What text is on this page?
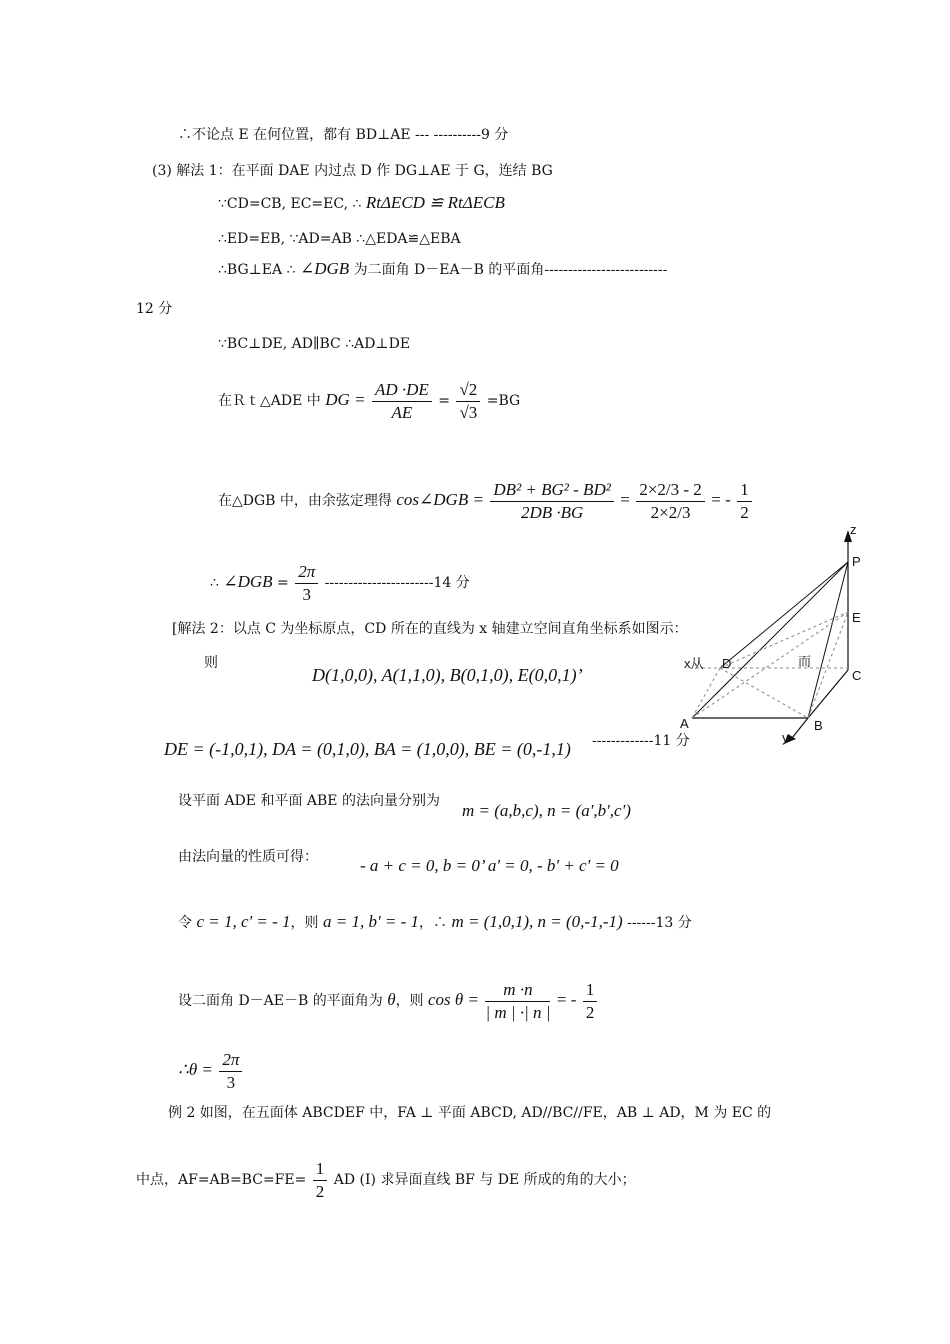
∴不论点 E 在何位置，都有 BD⊥AE --- ----------9 分
(3) 解法 1：在平面 DAE 内过点 D 作 DG⊥AE 于 G，连结 BG
∵CD=CB, EC=EC, ∴ RtΔECD ≌ RtΔECB
∴ED=EB, ∵AD=AB ∴△EDA≌△EBA
∴BG⊥EA ∴ ∠DGB 为二面角 D－EA－B 的平面角--------------------------
12 分
∵BC⊥DE, AD∥BC ∴AD⊥DE
在Ｒｔ△ADE 中 DG = $\frac{AD \cdot DE}{AE} = \frac{√2}{√3} =BG$
在△DGB 中，由余弦定理得 cos∠DGB = $\frac{\text{DB² + BG² - BD²}}{2DB \cdot BG} = \frac{2\times 2/3 - 2}{2\times 2/3}$ = - $\frac{1}{2}$
∴ ∠DGB = $\frac{2\pi}{3} -----------------------14$ 分
[解法 2：以点 C 为坐标原点，CD 所在的直线为 x 轴建立空间直角坐标系如图示：
则
D(1,0,0), A(1,1,0), B(0,1,0), E(0,0,1)’
DE = (-1,0,1), DA = (0,1,0), BA = (1,0,0), BE = (0,-1,1) -------------11 分
设平面 ADE 和平面 ABE 的法向量分别为 m = (a,b,c), n = (a',b',c')
由法向量的性质可得： - a + c = 0, b = 0’ a' = 0, - b' + c' = 0
令 c = 1, c' = - 1，则 a = 1, b' = - 1，∴ m = (1,0,1), n = (0,-1,-1) ------13 分
设二面角 D－AE－B 的平面角为 θ，则 $\cos \theta = \frac{m \cdot n}{| m | \cdot| n |}$ = - $\frac{1}{2}$
∴θ = $\frac{2\pi}{3}$
例 2 如图，在五面体 ABCDEF 中，FA ⊥ 平面 ABCD, AD//BC//FE，AB ⊥ AD，M 为 EC 的
中点，$AF=AB=BC=FE= \frac{1}{2}$ AD (I) 求异面直线 BF 与 DE 所成的角的大小；
z
P
E
C
x从 D	而
A	B
y
